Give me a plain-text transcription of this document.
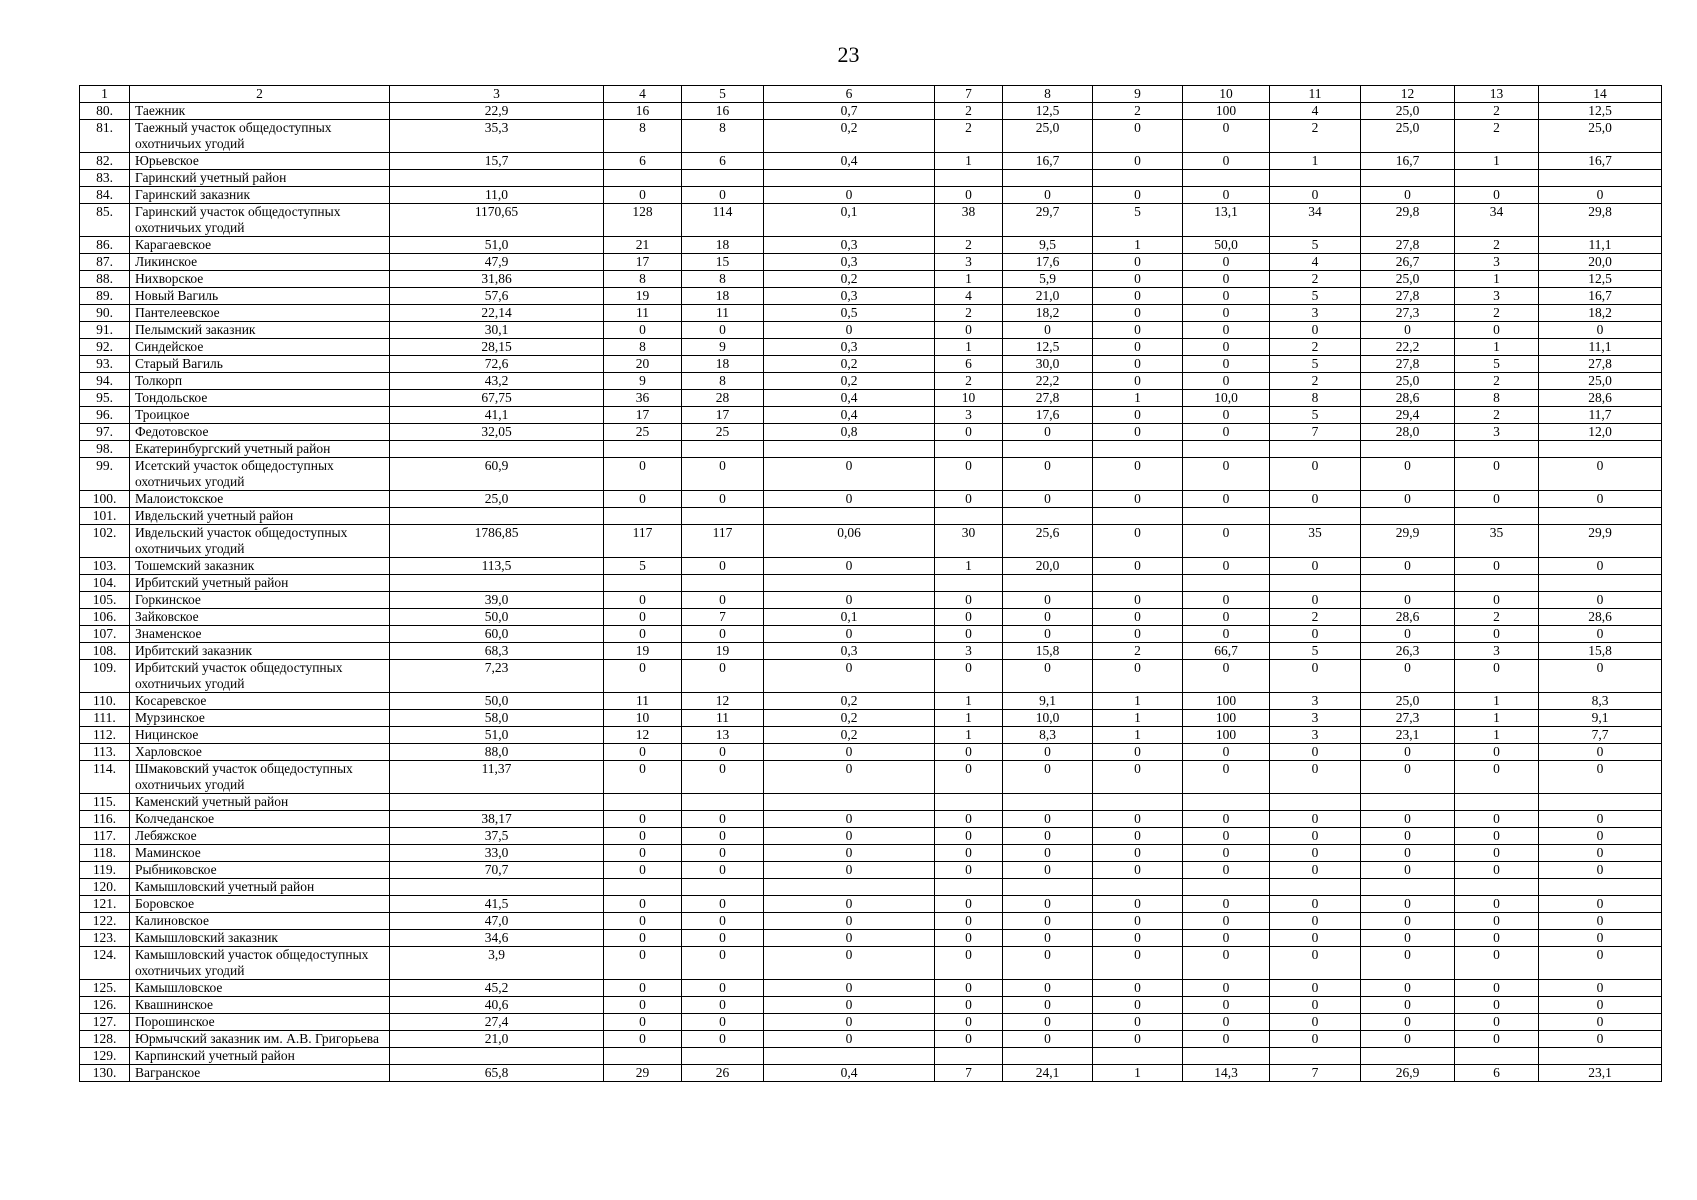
23
1	2	3	4	5	6	7	8	9	10	11	12	13	14
80.	Таежник	22,9	16	16	0,7	2	12,5	2	100	4	25,0	2	12,5
81.	Таежный участок общедоступных охотничьих угодий	35,3	8	8	0,2	2	25,0	0	0	2	25,0	2	25,0
82.	Юрьевское	15,7	6	6	0,4	1	16,7	0	0	1	16,7	1	16,7
83.	Гаринский учетный район												
84.	Гаринский заказник	11,0	0	0	0	0	0	0	0	0	0	0	0
85.	Гаринский участок общедоступных охотничьих угодий	1170,65	128	114	0,1	38	29,7	5	13,1	34	29,8	34	29,8
86.	Карагаевское	51,0	21	18	0,3	2	9,5	1	50,0	5	27,8	2	11,1
87.	Ликинское	47,9	17	15	0,3	3	17,6	0	0	4	26,7	3	20,0
88.	Нихворское	31,86	8	8	0,2	1	5,9	0	0	2	25,0	1	12,5
89.	Новый Вагиль	57,6	19	18	0,3	4	21,0	0	0	5	27,8	3	16,7
90.	Пантелеевское	22,14	11	11	0,5	2	18,2	0	0	3	27,3	2	18,2
91.	Пелымский заказник	30,1	0	0	0	0	0	0	0	0	0	0	0
92.	Синдейское	28,15	8	9	0,3	1	12,5	0	0	2	22,2	1	11,1
93.	Старый Вагиль	72,6	20	18	0,2	6	30,0	0	0	5	27,8	5	27,8
94.	Толкорп	43,2	9	8	0,2	2	22,2	0	0	2	25,0	2	25,0
95.	Тондольское	67,75	36	28	0,4	10	27,8	1	10,0	8	28,6	8	28,6
96.	Троицкое	41,1	17	17	0,4	3	17,6	0	0	5	29,4	2	11,7
97.	Федотовское	32,05	25	25	0,8	0	0	0	0	7	28,0	3	12,0
98.	Екатеринбургский учетный район												
99.	Исетский участок общедоступных охотничьих угодий	60,9	0	0	0	0	0	0	0	0	0	0	0
100.	Малоистокское	25,0	0	0	0	0	0	0	0	0	0	0	0
101.	Ивдельский учетный район												
102.	Ивдельский участок общедоступных охотничьих угодий	1786,85	117	117	0,06	30	25,6	0	0	35	29,9	35	29,9
103.	Тошемский заказник	113,5	5	0	0	1	20,0	0	0	0	0	0	0
104.	Ирбитский учетный район												
105.	Горкинское	39,0	0	0	0	0	0	0	0	0	0	0	0
106.	Зайковское	50,0	0	7	0,1	0	0	0	0	2	28,6	2	28,6
107.	Знаменское	60,0	0	0	0	0	0	0	0	0	0	0	0
108.	Ирбитский заказник	68,3	19	19	0,3	3	15,8	2	66,7	5	26,3	3	15,8
109.	Ирбитский участок общедоступных охотничьих угодий	7,23	0	0	0	0	0	0	0	0	0	0	0
110.	Косаревское	50,0	11	12	0,2	1	9,1	1	100	3	25,0	1	8,3
111.	Мурзинское	58,0	10	11	0,2	1	10,0	1	100	3	27,3	1	9,1
112.	Ницинское	51,0	12	13	0,2	1	8,3	1	100	3	23,1	1	7,7
113.	Харловское	88,0	0	0	0	0	0	0	0	0	0	0	0
114.	Шмаковский участок общедоступных охотничьих угодий	11,37	0	0	0	0	0	0	0	0	0	0	0
115.	Каменский учетный район												
116.	Колчеданское	38,17	0	0	0	0	0	0	0	0	0	0	0
117.	Лебяжское	37,5	0	0	0	0	0	0	0	0	0	0	0
118.	Маминское	33,0	0	0	0	0	0	0	0	0	0	0	0
119.	Рыбниковское	70,7	0	0	0	0	0	0	0	0	0	0	0
120.	Камышловский учетный район												
121.	Боровское	41,5	0	0	0	0	0	0	0	0	0	0	0
122.	Калиновское	47,0	0	0	0	0	0	0	0	0	0	0	0
123.	Камышловский заказник	34,6	0	0	0	0	0	0	0	0	0	0	0
124.	Камышловский участок общедоступных охотничьих угодий	3,9	0	0	0	0	0	0	0	0	0	0	0
125.	Камышловское	45,2	0	0	0	0	0	0	0	0	0	0	0
126.	Квашнинское	40,6	0	0	0	0	0	0	0	0	0	0	0
127.	Порошинское	27,4	0	0	0	0	0	0	0	0	0	0	0
128.	Юрмычский заказник им. А.В. Григорьева	21,0	0	0	0	0	0	0	0	0	0	0	0
129.	Карпинский учетный район												
130.	Вагранское	65,8	29	26	0,4	7	24,1	1	14,3	7	26,9	6	23,1
